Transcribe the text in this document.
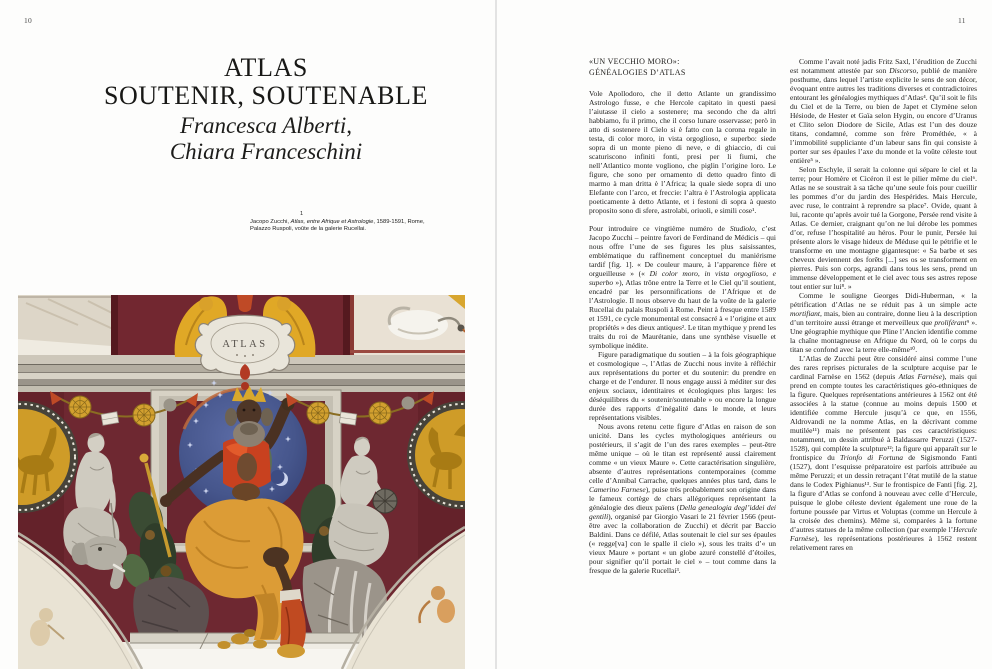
10
ATLAS
SOUTENIR, SOUTENABLE
Francesca Alberti,
Chiara Franceschini
1
Jacopo Zucchi, Atlas, entre Afrique et Astrologie, 1589-1591, Rome,
Palazzo Ruspoli, voûte de la galerie Rucellai.
ATLAS
11
«UN VECCHIO MORO»:
GÉNÉALOGIES D’ATLAS
Vole Apollodoro, che il detto Atlante un grandissimo Astrologo fusse, e che Hercole capitato in questi paesi l’aiutasse il cielo a sostenere; ma secondo che da altri habbiamo, fu il primo, che il corso lunare osservasse; però in atto di sostenere il Cielo si è fatto con la corona regale in testa, di color moro, in vista orgoglioso, e superbo: siede sopra di un monte pieno di neve, e di ghiaccio, di cui scaturiscono infiniti fonti, presi per li fiumi, che nell’Atlantico monte vogliono, che piglin l’origine loro. Le figure, che sono per ornamento di detto quadro finto di marmo à man dritta è l’Africa; la quale siede sopra di uno Elefante con l’arco, et freccie: l’altra è l’Astrologia applicata poeticamente à detto Atlante, et i festoni di sopra à questo proposito sono di sfere, astrolabi, oriuoli, e simili cose¹.

Pour introduire ce vingtième numéro de Studiolo, c’est Jacopo Zucchi – peintre favori de Ferdinand de Médicis – qui nous offre l’une de ses figures les plus saisissantes, emblématique du raffinement conceptuel du maniérisme tardif [fig. 1]. « De couleur maure, à l’apparence fière et orgueilleuse » (« Di color moro, in vista orgoglioso, e superbo »), Atlas trône entre la Terre et le Ciel qu’il soutient, encadré par les personnifications de l’Afrique et de l’Astrologie. Il nous observe du haut de la voûte de la galerie Rucellai du palais Ruspoli à Rome. Peint à fresque entre 1589 et 1591, ce cycle monumental est consacré à « l’origine et aux propriétés » des dieux antiques². Le titan mythique y prend les traits du roi de Maurétanie, dans une synthèse visuelle et symbolique inédite.

Figure paradigmatique du soutien – à la fois géographique et cosmologique –, l’Atlas de Zucchi nous invite à réfléchir aux représentations du porter et du soutenir: du prendre en charge et de l’endurer. Il nous engage aussi à méditer sur des enjeux sociaux, identitaires et écologiques plus larges: les déséquilibres du « soutenir/soutenable » ou encore la longue durée des rapports d’inégalité dans le monde, et leurs représentations visibles.

Nous avons retenu cette figure d’Atlas en raison de son unicité. Dans les cycles mythologiques antérieurs ou postérieurs, il s’agit de l’un des rares exemples – peut-être même unique – où le titan est représenté aussi clairement comme « un vieux Maure ». Cette caractérisation singulière, absente d’autres représentations contemporaines (comme celle d’Annibal Carrache, quelques années plus tard, dans le Camerino Farnese), puise très probablement son origine dans le fameux cortège de chars allégoriques représentant la généalogie des dieux païens (Della genealogia degl’iddei dei gentili), organisé par Giorgio Vasari le 21 février 1566 (peut-être avec la collaboration de Zucchi) et décrit par Baccio Baldini. Dans ce défilé, Atlas soutenait le ciel sur ses épaules (« regge[va] con le spalle il cielo »), sous les traits d’« un vieux Maure » portant « un globe azuré constellé d’étoiles, pour signifier qu’il portait le ciel » – tout comme dans la fresque de la galerie Rucellai³.

Comme l’avait noté jadis Fritz Saxl, l’érudition de Zucchi est notamment attestée par son Discorso, publié de manière posthume, dans lequel l’artiste explicite le sens de son décor, évoquant entre autres les traditions diverses et contradictoires entourant les généalogies mythiques d’Atlas⁴. Qu’il soit le fils du Ciel et de la Terre, ou bien de Japet et Clymène selon Hésiode, de Hester et Gaïa selon Hygin, ou encore d’Uranus et Clito selon Diodore de Sicile, Atlas est l’un des douze titans, condamné, comme son frère Prométhée, « à l’immobilité suppliciante d’un labeur sans fin qui consiste à porter sur ses épaules l’axe du monde et la voûte céleste tout entière⁵ ».

Selon Eschyle, il serait la colonne qui sépare le ciel et la terre; pour Homère et Cicéron il est le pilier même du ciel⁶. Atlas ne se soustrait à sa tâche qu’une seule fois pour cueillir les pommes d’or du jardin des Hespérides. Mais Hercule, avec ruse, le contraint à reprendre sa place⁷. Ovide, quant à lui, raconte qu’après avoir tué la Gorgone, Persée rend visite à Atlas. Ce dernier, craignant qu’on ne lui dérobe les pommes d’or, refuse l’hospitalité au héros. Pour le punir, Persée lui présente alors le visage hideux de Méduse qui le pétrifie et le transforme en une montagne gigantesque: « Sa barbe et ses cheveux deviennent des forêts [...] ses os se transforment en pierres. Puis son corps, agrandi dans tous les sens, prend un immense développement et le ciel avec tous ses astres repose tout entier sur lui⁸. »

Comme le souligne Georges Didi-Huberman, « la pétrification d’Atlas ne se réduit pas à un simple acte mortifiant, mais, bien au contraire, donne lieu à la description d’un territoire aussi étrange et merveilleux que proliférant⁹ ». Une géographie mythique que Pline l’Ancien identifie comme la chaîne montagneuse en Afrique du Nord, où le corps du titan se confond avec la terre elle-même¹⁰.

L’Atlas de Zucchi peut être considéré ainsi comme l’une des rares reprises picturales de la sculpture acquise par le cardinal Farnèse en 1562 (depuis Atlas Farnèse), mais qui prend en compte toutes les caractéristiques géo-ethniques de la figure. Quelques représentations antérieures à 1562 ont été associées à la statue (connue au moins depuis 1500 et identifiée comme Hercule jusqu’à ce que, en 1556, Aldrovandi ne la nomme Atlas, en la décrivant comme mutilée¹¹) mais ne présentent pas ces caractéristiques: notamment, un dessin attribué à Baldassarre Peruzzi (1527-1528), qui complète la sculpture¹²; la figure qui apparaît sur le frontispice du Trionfo di Fortuna de Sigismondo Fanti (1527), dont l’esquisse préparatoire est parfois attribuée au même Peruzzi; et un dessin retraçant l’état mutilé de la statue dans le Codex Pighianus¹³. Sur le frontispice de Fanti [fig. 2], la figure d’Atlas se confond à nouveau avec celle d’Hercule, puisque le globe céleste devient également une roue de la fortune poussée par Virtus et Voluptas (comme un Hercule à la croisée des chemins). Même si, comparées à la fortune d’autres statues de la même collection (par exemple l’Hercule Farnèse), les représentations postérieures à 1562 restent relativement rares en
